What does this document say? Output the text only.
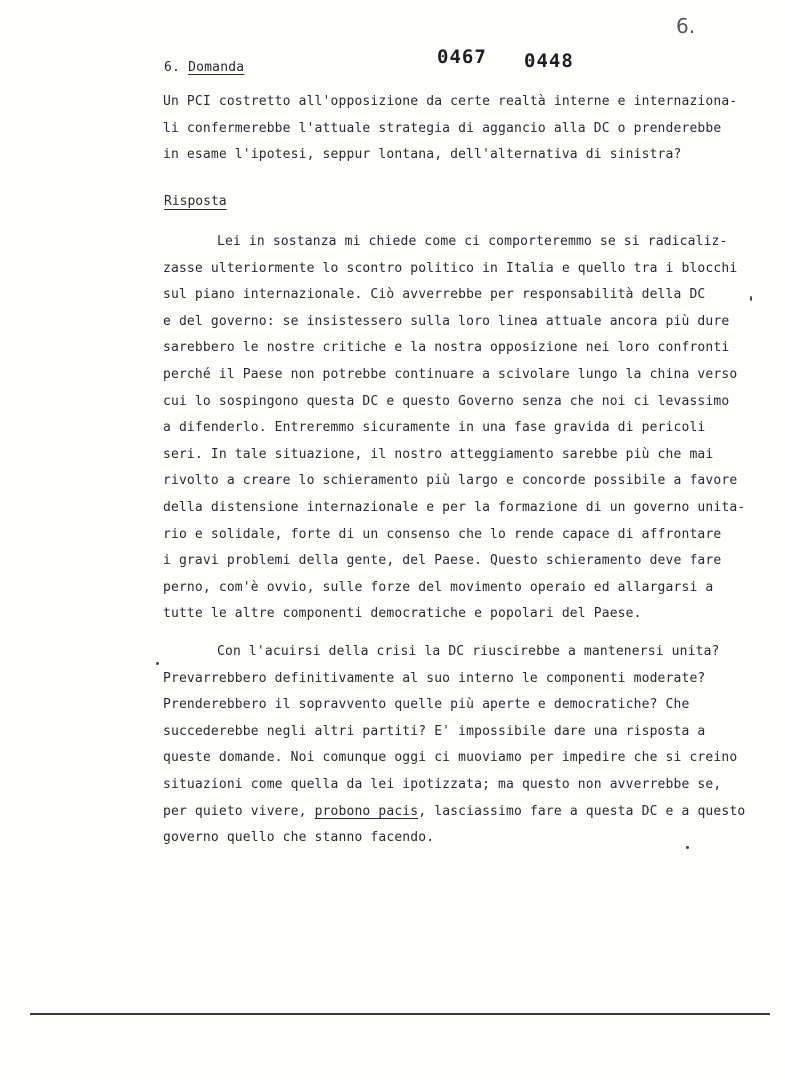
6.
6. Domanda	0467 0448
Un PCI costretto all'opposizione da certe realtà interne e internaziona-
li confermerebbe l'attuale strategia di aggancio alla DC o prenderebbe
in esame l'ipotesi, seppur lontana, dell'alternativa di sinistra?
Risposta
Lei in sostanza mi chiede come ci comporteremmo se si radicaliz-
zasse ulteriormente lo scontro politico in Italia e quello tra i blocchi
sul piano internazionale. Ciò avverrebbe per responsabilità della DC
e del governo: se insistessero sulla loro linea attuale ancora più dure
sarebbero le nostre critiche e la nostra opposizione nei loro confronti
perché il Paese non potrebbe continuare a scivolare lungo la china verso
cui lo sospingono questa DC e questo Governo senza che noi ci levassimo
a difenderlo. Entreremmo sicuramente in una fase gravida di pericoli
seri. In tale situazione, il nostro atteggiamento sarebbe più che mai
rivolto a creare lo schieramento più largo e concorde possibile a favore
della distensione internazionale e per la formazione di un governo unita-
rio e solidale, forte di un consenso che lo rende capace di affrontare
i gravi problemi della gente, del Paese. Questo schieramento deve fare
perno, com'è ovvio, sulle forze del movimento operaio ed allargarsi a
tutte le altre componenti democratiche e popolari del Paese.
Con l'acuirsi della crisi la DC riuscirebbe a mantenersi unita?
Prevarrebbero definitivamente al suo interno le componenti moderate?
Prenderebbero il sopravvento quelle più aperte e democratiche? Che
succederebbe negli altri partiti? E' impossibile dare una risposta a
queste domande. Noi comunque oggi ci muoviamo per impedire che si creino
situazioni come quella da lei ipotizzata; ma questo non avverrebbe se,
per quieto vivere, probono pacis, lasciassimo fare a questa DC e a questo
governo quello che stanno facendo.
